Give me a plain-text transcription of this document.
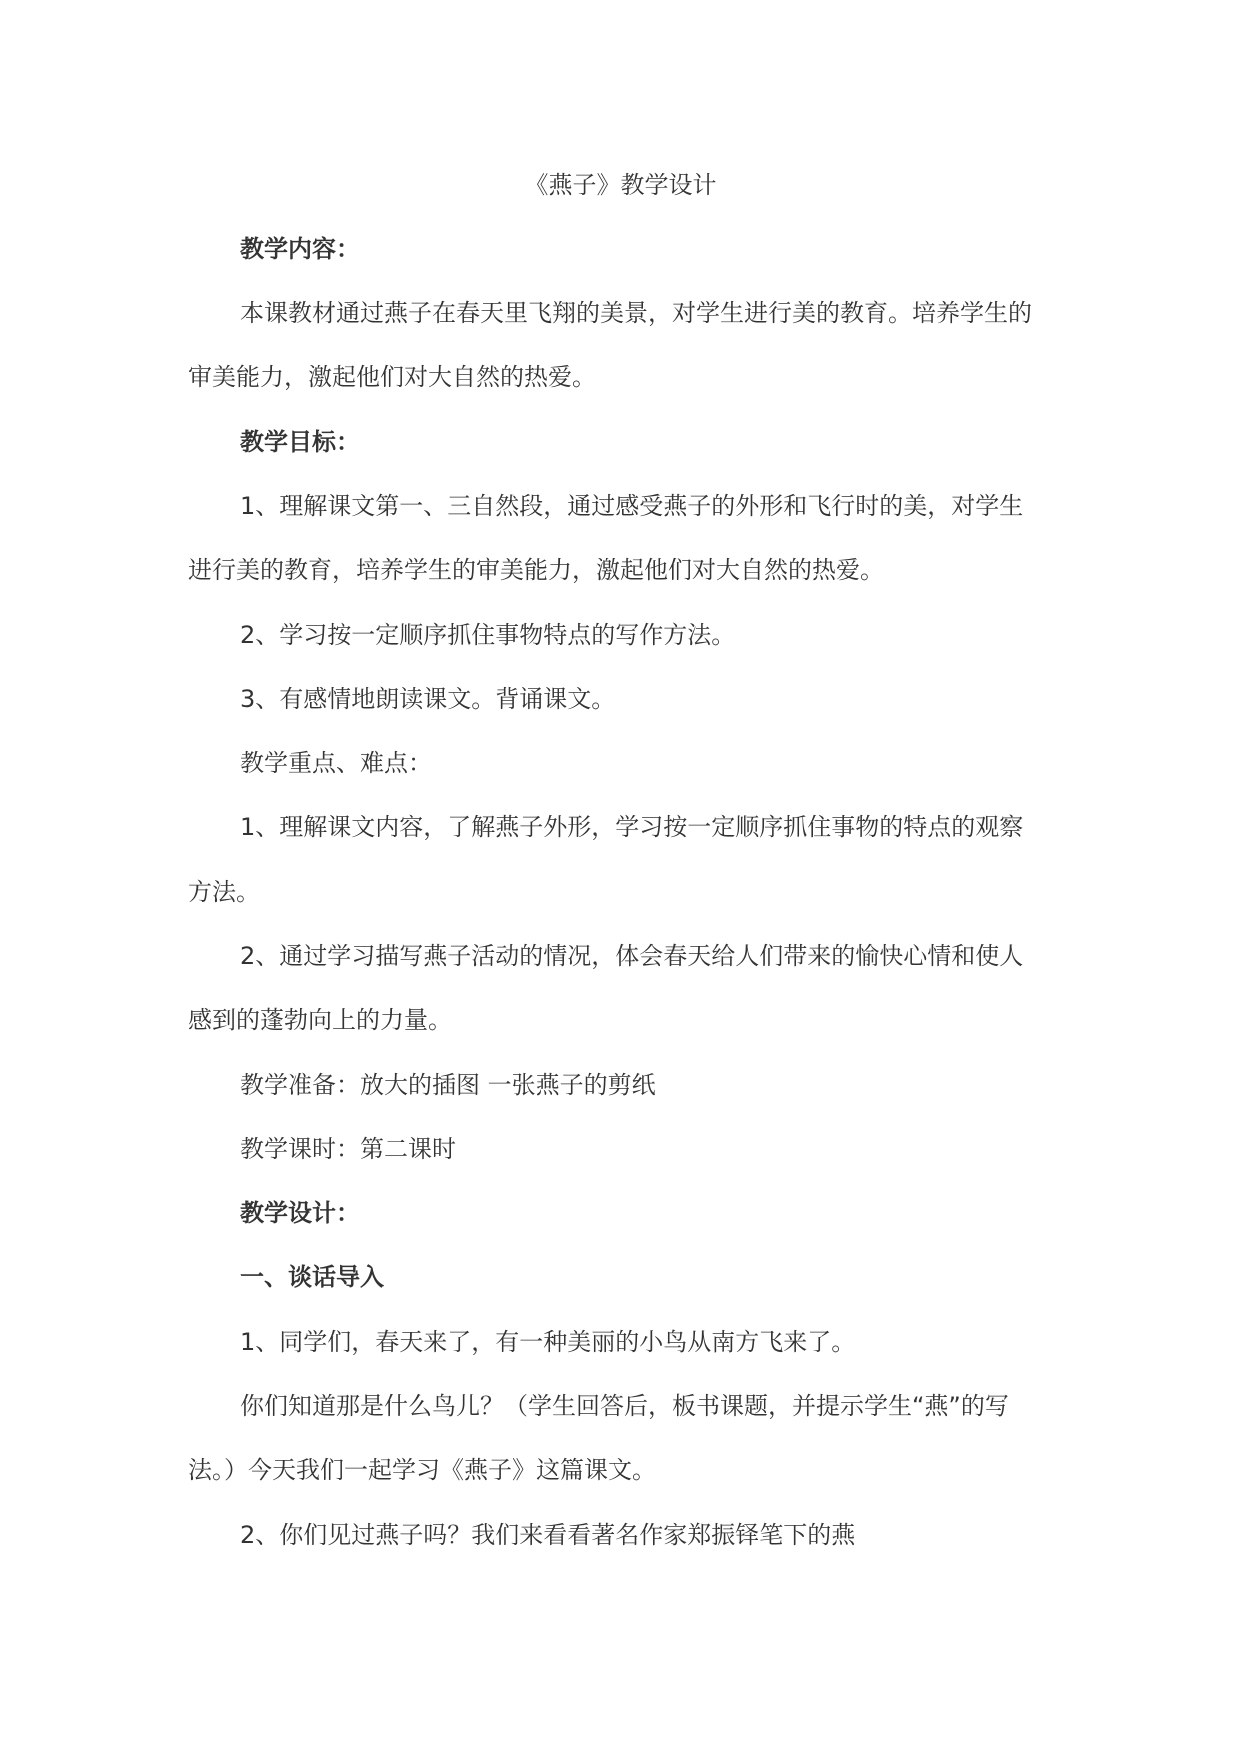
《燕子》教学设计
教学内容：
本课教材通过燕子在春天里飞翔的美景，对学生进行美的教育。培养学生的
审美能力，激起他们对大自然的热爱。
教学目标：
1、理解课文第一、三自然段，通过感受燕子的外形和飞行时的美，对学生
进行美的教育，培养学生的审美能力，激起他们对大自然的热爱。
2、学习按一定顺序抓住事物特点的写作方法。
3、有感情地朗读课文。背诵课文。
教学重点、难点：
1、理解课文内容，了解燕子外形，学习按一定顺序抓住事物的特点的观察
方法。
2、通过学习描写燕子活动的情况，体会春天给人们带来的愉快心情和使人
感到的蓬勃向上的力量。
教学准备：放大的插图 一张燕子的剪纸
教学课时：第二课时
教学设计：
一、谈话导入
1、同学们，春天来了，有一种美丽的小鸟从南方飞来了。
你们知道那是什么鸟儿？（学生回答后，板书课题，并提示学生“燕”的写
法。）今天我们一起学习《燕子》这篇课文。
2、你们见过燕子吗？我们来看看著名作家郑振铎笔下的燕
